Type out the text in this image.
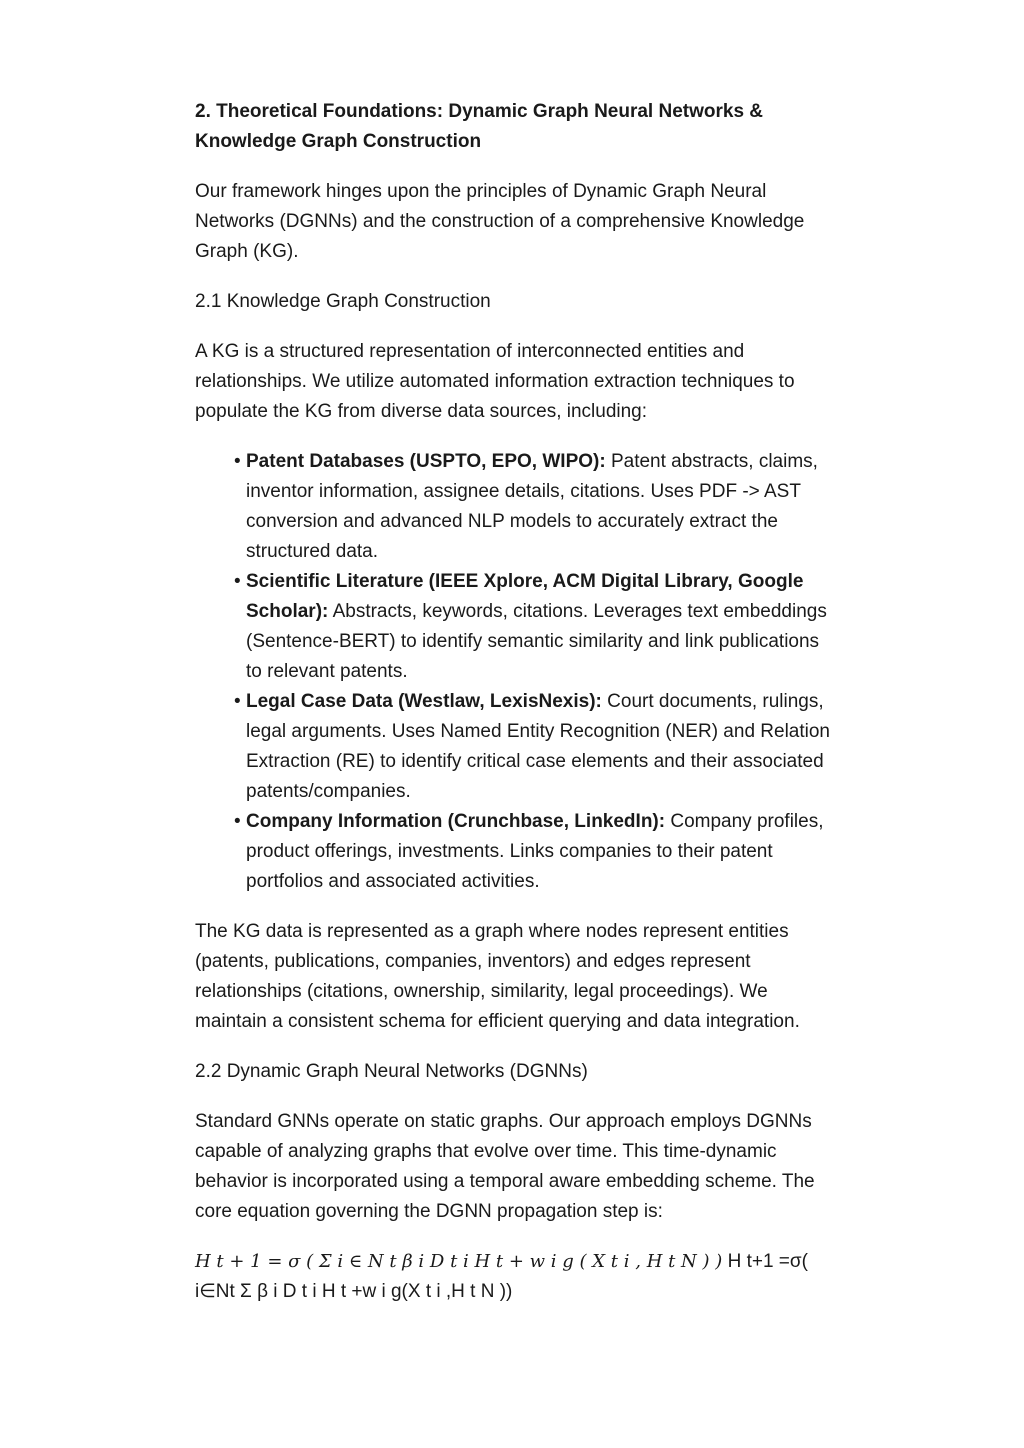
2. Theoretical Foundations: Dynamic Graph Neural Networks & Knowledge Graph Construction

Our framework hinges upon the principles of Dynamic Graph Neural Networks (DGNNs) and the construction of a comprehensive Knowledge Graph (KG).

2.1 Knowledge Graph Construction

A KG is a structured representation of interconnected entities and relationships. We utilize automated information extraction techniques to populate the KG from diverse data sources, including:

• Patent Databases (USPTO, EPO, WIPO): Patent abstracts, claims, inventor information, assignee details, citations. Uses PDF -> AST conversion and advanced NLP models to accurately extract the structured data.
• Scientific Literature (IEEE Xplore, ACM Digital Library, Google Scholar): Abstracts, keywords, citations. Leverages text embeddings (Sentence-BERT) to identify semantic similarity and link publications to relevant patents.
• Legal Case Data (Westlaw, LexisNexis): Court documents, rulings, legal arguments. Uses Named Entity Recognition (NER) and Relation Extraction (RE) to identify critical case elements and their associated patents/companies.
• Company Information (Crunchbase, LinkedIn): Company profiles, product offerings, investments. Links companies to their patent portfolios and associated activities.

The KG data is represented as a graph where nodes represent entities (patents, publications, companies, inventors) and edges represent relationships (citations, ownership, similarity, legal proceedings). We maintain a consistent schema for efficient querying and data integration.

2.2 Dynamic Graph Neural Networks (DGNNs)

Standard GNNs operate on static graphs. Our approach employs DGNNs capable of analyzing graphs that evolve over time. This time-dynamic behavior is incorporated using a temporal aware embedding scheme. The core equation governing the DGNN propagation step is:

H t + 1 = σ ( Σ i ∈ N t β i D t i H t + w i g ( X t i , H t N ) ) H t+1 =σ( i∈Nt Σ β i D t i H t +w i g(X t i ,H t N ))
